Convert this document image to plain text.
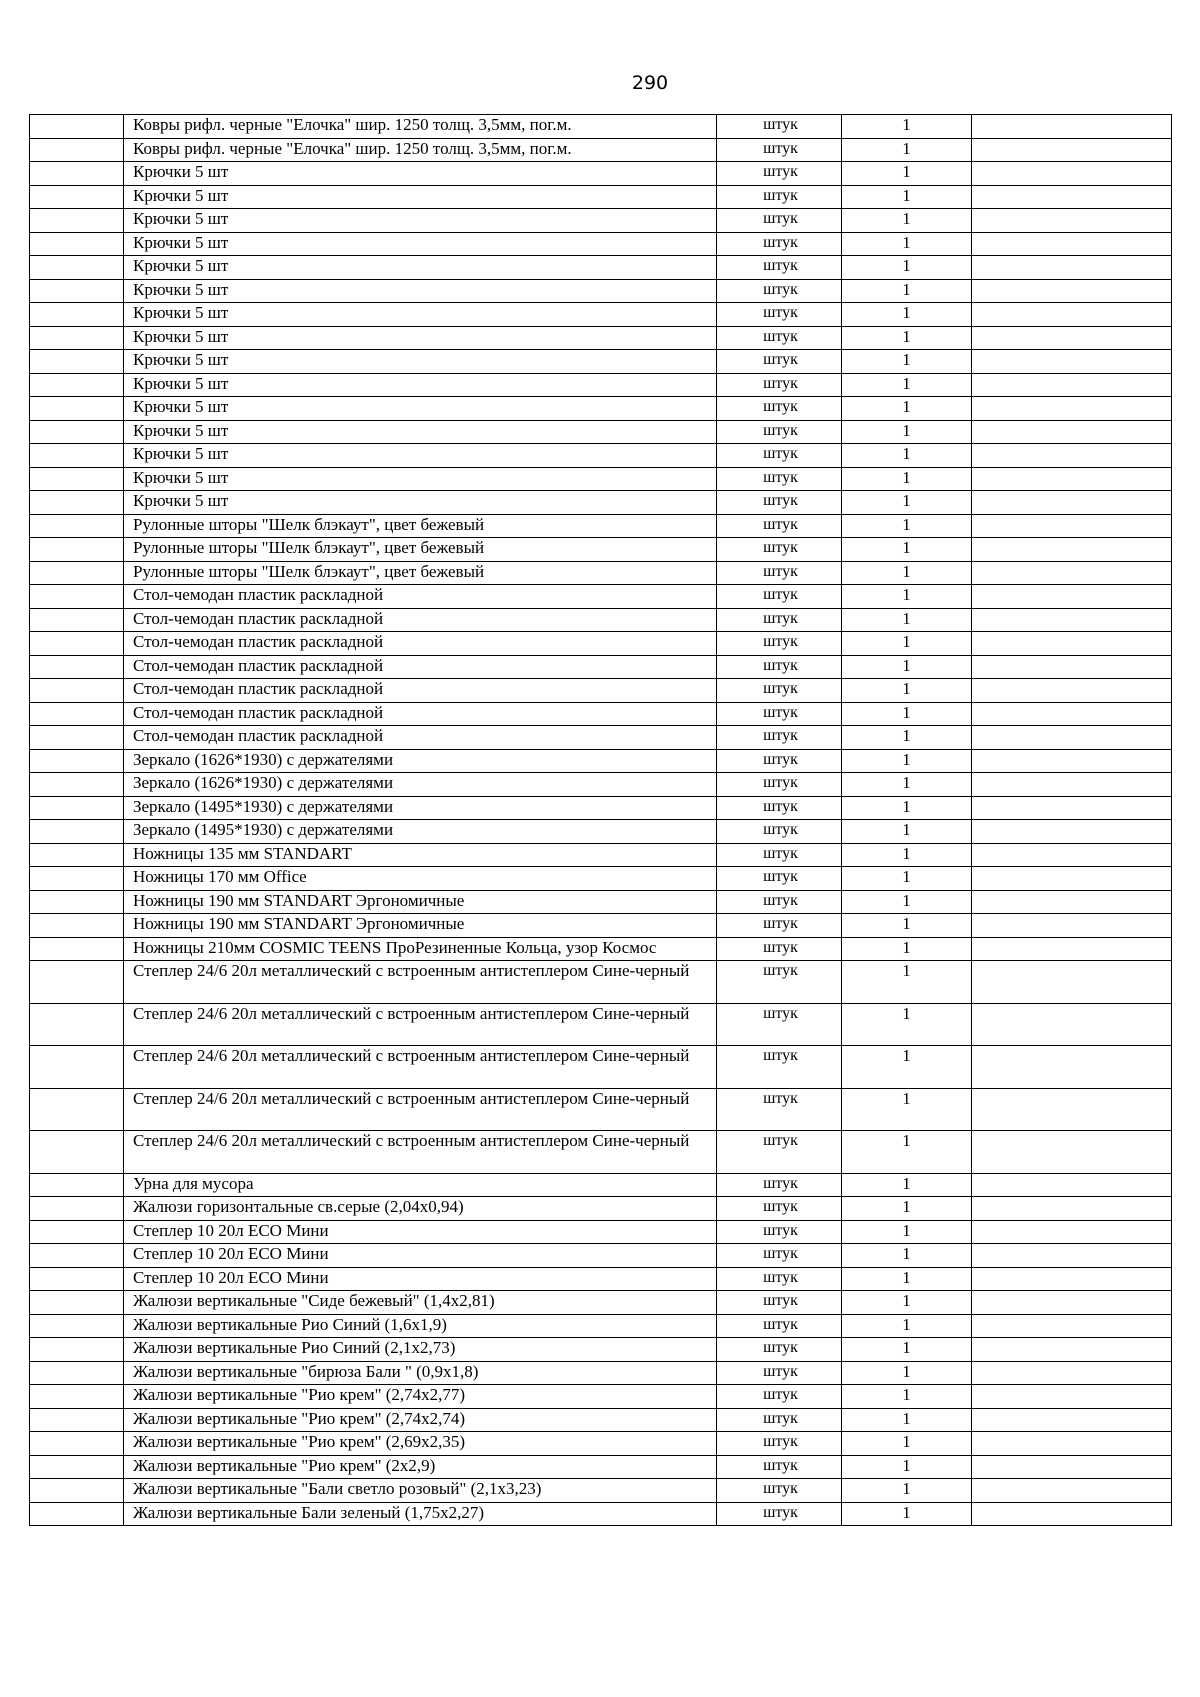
290
	Ковры рифл. черные "Елочка" шир. 1250 толщ. 3,5мм, пог.м.	штук	1	
	Ковры рифл. черные "Елочка" шир. 1250 толщ. 3,5мм, пог.м.	штук	1	
	Крючки 5 шт	штук	1	
	Крючки 5 шт	штук	1	
	Крючки 5 шт	штук	1	
	Крючки 5 шт	штук	1	
	Крючки 5 шт	штук	1	
	Крючки 5 шт	штук	1	
	Крючки 5 шт	штук	1	
	Крючки 5 шт	штук	1	
	Крючки 5 шт	штук	1	
	Крючки 5 шт	штук	1	
	Крючки 5 шт	штук	1	
	Крючки 5 шт	штук	1	
	Крючки 5 шт	штук	1	
	Крючки 5 шт	штук	1	
	Крючки 5 шт	штук	1	
	Рулонные шторы "Шелк блэкаут", цвет бежевый	штук	1	
	Рулонные шторы "Шелк блэкаут", цвет бежевый	штук	1	
	Рулонные шторы "Шелк блэкаут", цвет бежевый	штук	1	
	Стол-чемодан пластик раскладной	штук	1	
	Стол-чемодан пластик раскладной	штук	1	
	Стол-чемодан пластик раскладной	штук	1	
	Стол-чемодан пластик раскладной	штук	1	
	Стол-чемодан пластик раскладной	штук	1	
	Стол-чемодан пластик раскладной	штук	1	
	Стол-чемодан пластик раскладной	штук	1	
	Зеркало (1626*1930) с держателями	штук	1	
	Зеркало (1626*1930) с держателями	штук	1	
	Зеркало (1495*1930) с держателями	штук	1	
	Зеркало (1495*1930) с держателями	штук	1	
	Ножницы 135 мм STANDART	штук	1	
	Ножницы 170 мм Office	штук	1	
	Ножницы 190 мм STANDART Эргономичные	штук	1	
	Ножницы 190 мм STANDART Эргономичные	штук	1	
	Ножницы 210мм COSMIC TEENS ПроРезиненные Кольца, узор Космос	штук	1	
	Степлер 24/6 20л металлический с встроенным антистеплером Сине-черный	штук	1	
	Степлер 24/6 20л металлический с встроенным антистеплером Сине-черный	штук	1	
	Степлер 24/6 20л металлический с встроенным антистеплером Сине-черный	штук	1	
	Степлер 24/6 20л металлический с встроенным антистеплером Сине-черный	штук	1	
	Степлер 24/6 20л металлический с встроенным антистеплером Сине-черный	штук	1	
	Урна для мусора	штук	1	
	Жалюзи горизонтальные св.серые (2,04х0,94)	штук	1	
	Степлер 10 20л ECO Мини	штук	1	
	Степлер 10 20л ECO Мини	штук	1	
	Степлер 10 20л ECO Мини	штук	1	
	Жалюзи вертикальные "Сиде бежевый" (1,4х2,81)	штук	1	
	Жалюзи вертикальные Рио Синий (1,6х1,9)	штук	1	
	Жалюзи вертикальные Рио Синий (2,1х2,73)	штук	1	
	Жалюзи вертикальные "бирюза Бали " (0,9х1,8)	штук	1	
	Жалюзи вертикальные "Рио крем" (2,74х2,77)	штук	1	
	Жалюзи вертикальные "Рио крем" (2,74х2,74)	штук	1	
	Жалюзи вертикальные "Рио крем" (2,69х2,35)	штук	1	
	Жалюзи вертикальные "Рио крем" (2х2,9)	штук	1	
	Жалюзи вертикальные "Бали светло розовый" (2,1х3,23)	штук	1	
	Жалюзи вертикальные Бали зеленый (1,75х2,27)	штук	1	
